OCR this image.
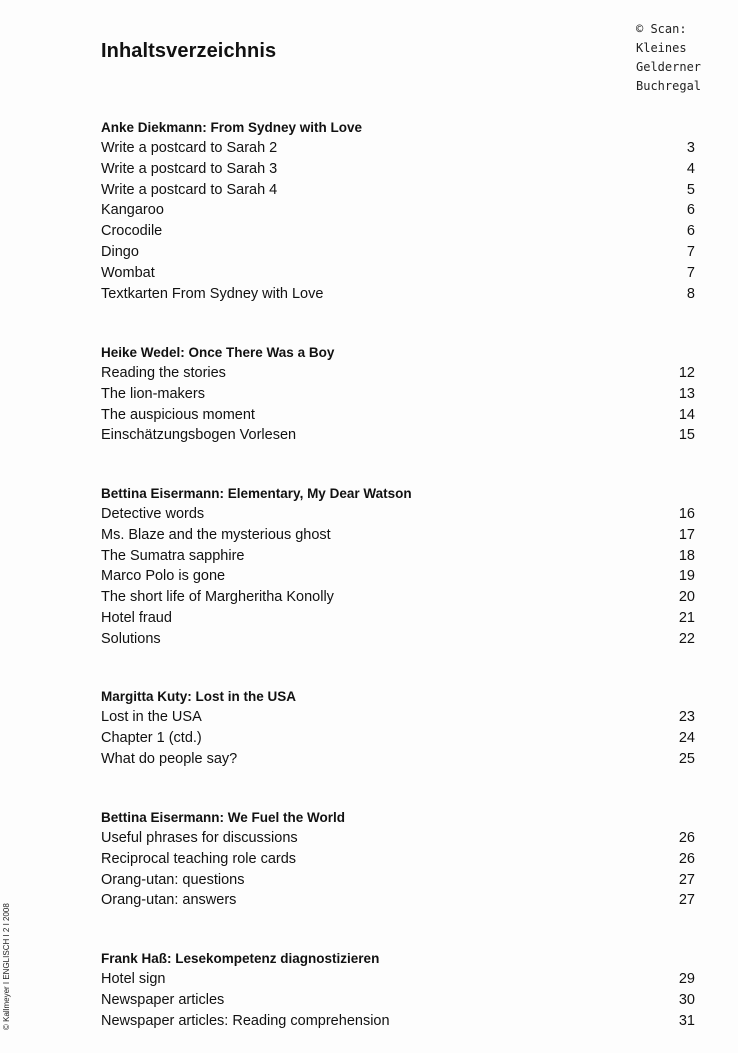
Inhaltsverzeichnis
© Scan:
Kleines
Gelderner
Buchregal
Anke Diekmann: From Sydney with Love
Write a postcard to Sarah 2	3
Write a postcard to Sarah 3	4
Write a postcard to Sarah 4	5
Kangaroo	6
Crocodile	6
Dingo	7
Wombat	7
Textkarten From Sydney with Love	8
Heike Wedel: Once There Was a Boy
Reading the stories	12
The lion-makers	13
The auspicious moment	14
Einschätzungsbogen Vorlesen	15
Bettina Eisermann: Elementary, My Dear Watson
Detective words	16
Ms. Blaze and the mysterious ghost	17
The Sumatra sapphire	18
Marco Polo is gone	19
The short life of Margheritha Konolly	20
Hotel fraud	21
Solutions	22
Margitta Kuty: Lost in the USA
Lost in the USA	23
Chapter 1 (ctd.)	24
What do people say?	25
Bettina Eisermann: We Fuel the World
Useful phrases for discussions	26
Reciprocal teaching role cards	26
Orang-utan: questions	27
Orang-utan: answers	27
Frank Haß: Lesekompetenz diagnostizieren
Hotel sign	29
Newspaper articles	30
Newspaper articles: Reading comprehension	31
© Kallmeyer I ENGLISCH I 2 I 2008
